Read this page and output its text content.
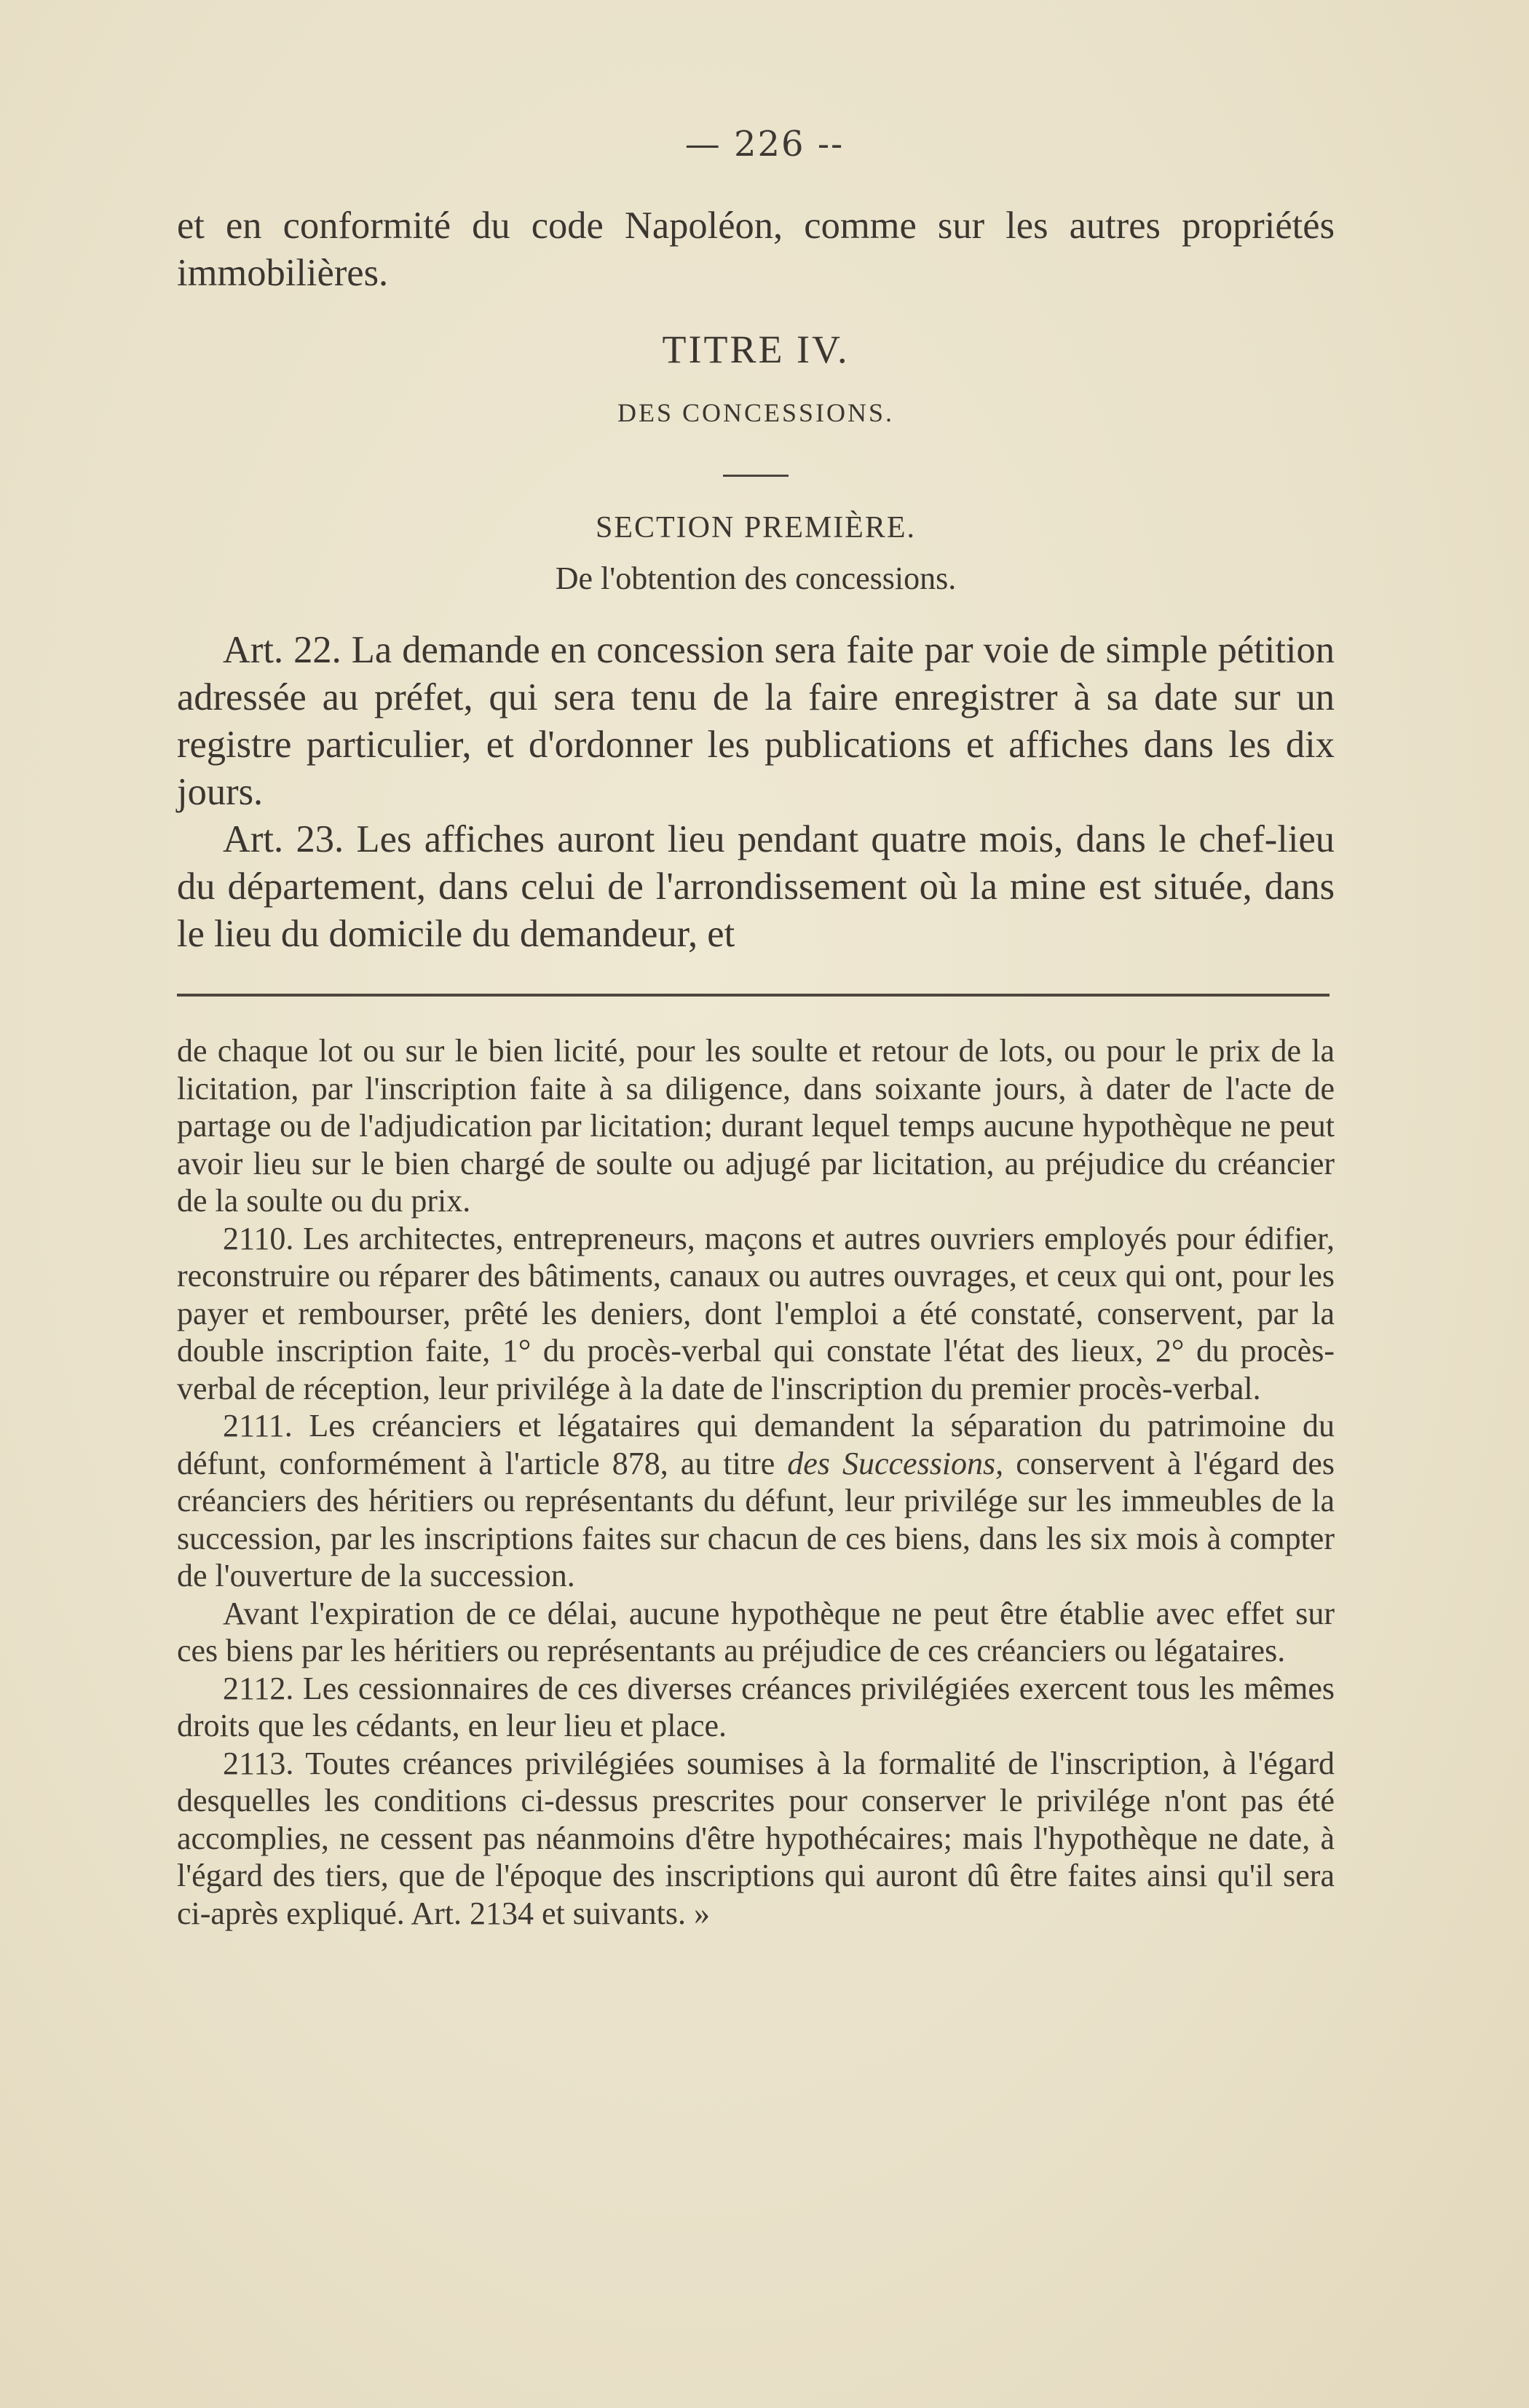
— 226 --

et en conformité du code Napoléon, comme sur les autres propriétés immobilières.

TITRE IV.

DES CONCESSIONS.

SECTION PREMIÈRE.

De l'obtention des concessions.

Art. 22. La demande en concession sera faite par voie de simple pétition adressée au préfet, qui sera tenu de la faire enregistrer à sa date sur un registre particulier, et d'ordonner les publications et affiches dans les dix jours.

Art. 23. Les affiches auront lieu pendant quatre mois, dans le chef-lieu du département, dans celui de l'arrondissement où la mine est située, dans le lieu du domicile du demandeur, et

de chaque lot ou sur le bien licité, pour les soulte et retour de lots, ou pour le prix de la licitation, par l'inscription faite à sa diligence, dans soixante jours, à dater de l'acte de partage ou de l'adjudication par licitation; durant lequel temps aucune hypothèque ne peut avoir lieu sur le bien chargé de soulte ou adjugé par licitation, au préjudice du créancier de la soulte ou du prix.

2110. Les architectes, entrepreneurs, maçons et autres ouvriers employés pour édifier, reconstruire ou réparer des bâtiments, canaux ou autres ouvrages, et ceux qui ont, pour les payer et rembourser, prêté les deniers, dont l'emploi a été constaté, conservent, par la double inscription faite, 1° du procès-verbal qui constate l'état des lieux, 2° du procès-verbal de réception, leur privilége à la date de l'inscription du premier procès-verbal.

2111. Les créanciers et légataires qui demandent la séparation du patrimoine du défunt, conformément à l'article 878, au titre des Successions, conservent à l'égard des créanciers des héritiers ou représentants du défunt, leur privilége sur les immeubles de la succession, par les inscriptions faites sur chacun de ces biens, dans les six mois à compter de l'ouverture de la succession.

Avant l'expiration de ce délai, aucune hypothèque ne peut être établie avec effet sur ces biens par les héritiers ou représentants au préjudice de ces créanciers ou légataires.

2112. Les cessionnaires de ces diverses créances privilégiées exercent tous les mêmes droits que les cédants, en leur lieu et place.

2113. Toutes créances privilégiées soumises à la formalité de l'inscription, à l'égard desquelles les conditions ci-dessus prescrites pour conserver le privilége n'ont pas été accomplies, ne cessent pas néanmoins d'être hypothécaires; mais l'hypothèque ne date, à l'égard des tiers, que de l'époque des inscriptions qui auront dû être faites ainsi qu'il sera ci-après expliqué. Art. 2134 et suivants. »
